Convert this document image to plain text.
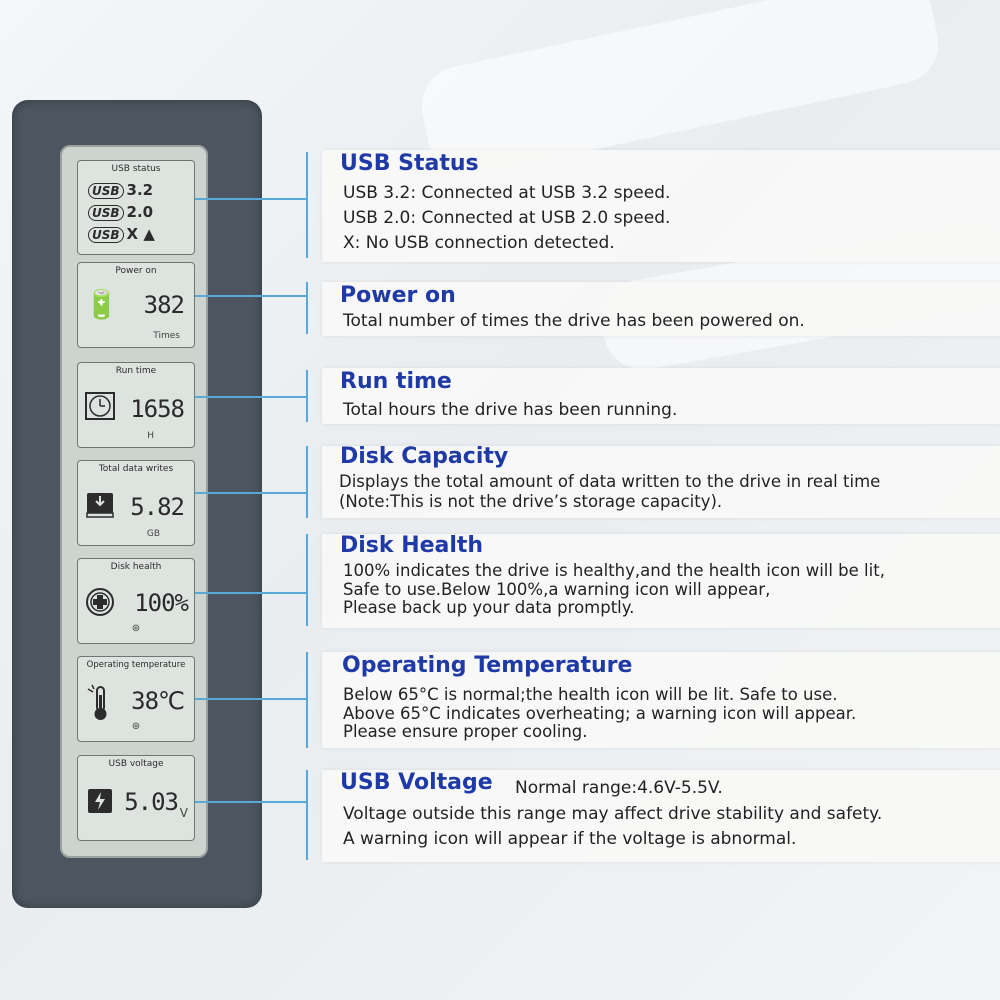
USB status
USB 3.2
USB 2.0
USB X ▲
Power on
🔋 382
Times
Run time
1658
H
Total data writes
5.82
GB
Disk health
100%
⊛
Operating temperature
38℃
⊛
USB voltage
5.03 V
USB Status
USB 3.2: Connected at USB 3.2 speed.
USB 2.0: Connected at USB 2.0 speed.
X: No USB connection detected.
Power on
Total number of times the drive has been powered on.
Run time
Total hours the drive has been running.
Disk Capacity
Displays the total amount of data written to the drive in real time
(Note:This is not the drive’s storage capacity).
Disk Health
100% indicates the drive is healthy,and the health icon will be lit,
Safe to use.Below 100%,a warning icon will appear,
Please back up your data promptly.
Operating Temperature
Below 65°C is normal;the health icon will be lit. Safe to use.
Above 65°C indicates overheating; a warning icon will appear.
Please ensure proper cooling.
USB Voltage Normal range:4.6V-5.5V.
Voltage outside this range may affect drive stability and safety.
A warning icon will appear if the voltage is abnormal.
